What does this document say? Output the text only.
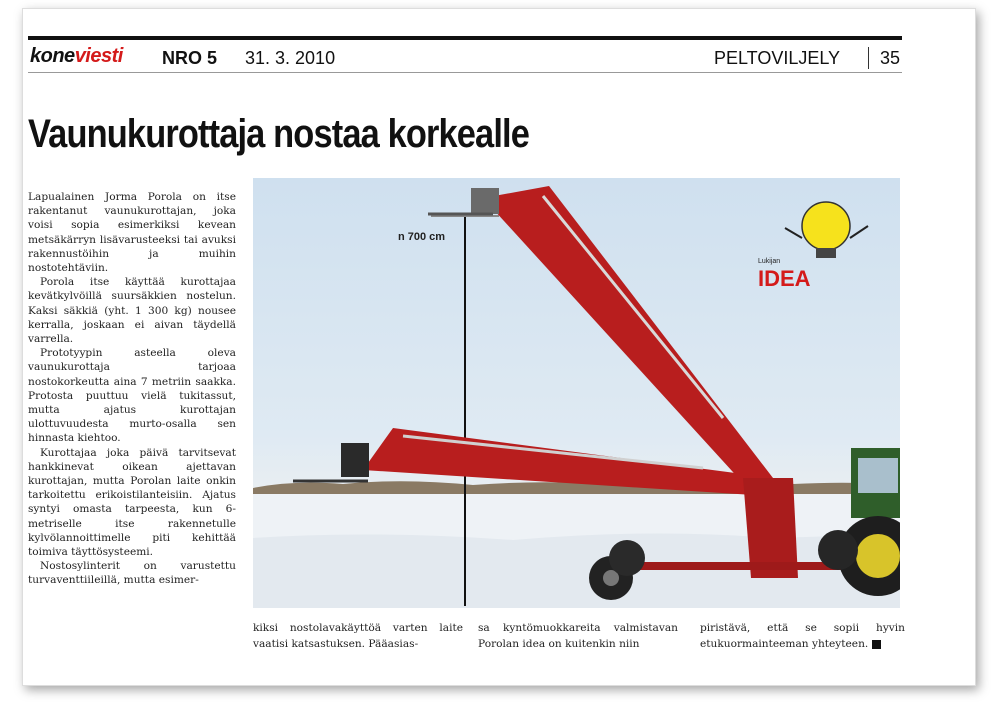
koneviesti NRO 5 31. 3. 2010	PELTOVILJELY 35
Vaunukurottaja nostaa korkealle

Lapualainen Jorma Porola on itse rakentanut vaunukurottajan, joka voisi sopia esimerkiksi kevean metsäkärryn lisävarusteeksi tai avuksi rakennustöihin ja muihin nostotehtäviin.

Porola itse käyttää kurottajaa kevätkylvöillä suursäkkien nostelun. Kaksi säkkiä (yht. 1 300 kg) nousee kerralla, joskaan ei aivan täydellä varrella.

Prototyypin asteella oleva vaunukurottaja tarjoaa nostokorkeutta aina 7 metriin saakka. Protosta puuttuu vielä tukitassut, mutta ajatus kurottajan ulottuvuudesta murto-osalla sen hinnasta kiehtoo.

Kurottajaa joka päivä tarvitsevat hankkinevat oikean ajettavan kurottajan, mutta Porolan laite onkin tarkoitettu erikoistilanteisiin. Ajatus syntyi omasta tarpeesta, kun 6-metriselle itse rakennetulle kylvölannoittimelle piti kehittää toimiva täyttösysteemi.

Nostosylinterit on varustettu turvaventtiileillä, mutta esimer-

n 700 cm
Lukijan
IDEA

kiksi nostolavakäyttöä varten laite vaatisi katsastuksen. Pääasias-

sa kyntömuokkareita valmistavan Porolan idea on kuitenkin niin

piristävä, että se sopii hyvin etukuormainteeman yhteyteen.
